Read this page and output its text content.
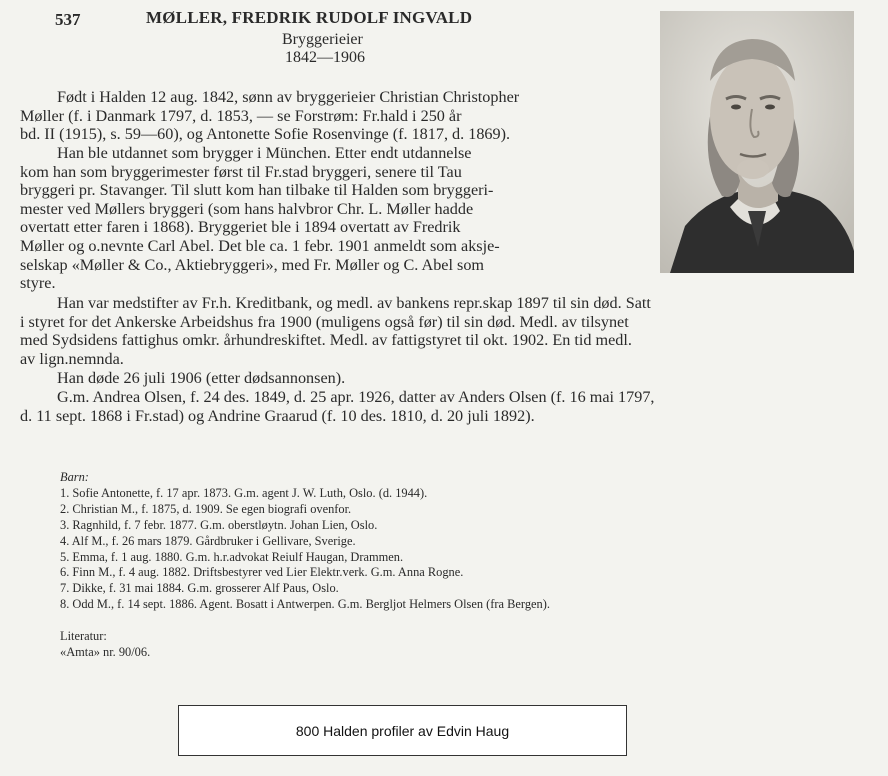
537	MØLLER, FREDRIK RUDOLF INGVALD
Bryggerieier
1842—1906

Født i Halden 12 aug. 1842, sønn av bryggerieier Christian Christopher

Møller (f. i Danmark 1797, d. 1853, — se Forstrøm: Fr.hald i 250 år

bd. II (1915), s. 59—60), og Antonette Sofie Rosenvinge (f. 1817, d. 1869).

Han ble utdannet som brygger i München. Etter endt utdannelse

kom han som bryggerimester først til Fr.stad bryggeri, senere til Tau

bryggeri pr. Stavanger. Til slutt kom han tilbake til Halden som bryggeri-

mester ved Møllers bryggeri (som hans halvbror Chr. L. Møller hadde

overtatt etter faren i 1868). Bryggeriet ble i 1894 overtatt av Fredrik

Møller og o.nevnte Carl Abel. Det ble ca. 1 febr. 1901 anmeldt som aksje-

selskap «Møller & Co., Aktiebryggeri», med Fr. Møller og C. Abel som

styre.

Han var medstifter av Fr.h. Kreditbank, og medl. av bankens repr.skap 1897 til sin død. Satt

i styret for det Ankerske Arbeidshus fra 1900 (muligens også før) til sin død. Medl. av tilsynet

med Sydsidens fattighus omkr. århundreskiftet. Medl. av fattigstyret til okt. 1902. En tid medl.

av lign.nemnda.

Han døde 26 juli 1906 (etter dødsannonsen).

G.m. Andrea Olsen, f. 24 des. 1849, d. 25 apr. 1926, datter av Anders Olsen (f. 16 mai 1797,

d. 11 sept. 1868 i Fr.stad) og Andrine Graarud (f. 10 des. 1810, d. 20 juli 1892).

Barn:
1. Sofie Antonette, f. 17 apr. 1873. G.m. agent J. W. Luth, Oslo. (d. 1944).
2. Christian M., f. 1875, d. 1909. Se egen biografi ovenfor.
3. Ragnhild, f. 7 febr. 1877. G.m. oberstløytn. Johan Lien, Oslo.
4. Alf M., f. 26 mars 1879. Gårdbruker i Gellivare, Sverige.
5. Emma, f. 1 aug. 1880. G.m. h.r.advokat Reiulf Haugan, Drammen.
6. Finn M., f. 4 aug. 1882. Driftsbestyrer ved Lier Elektr.verk. G.m. Anna Rogne.
7. Dikke, f. 31 mai 1884. G.m. grosserer Alf Paus, Oslo.
8. Odd M., f. 14 sept. 1886. Agent. Bosatt i Antwerpen. G.m. Bergljot Helmers Olsen (fra Bergen).
Literatur:
«Amta» nr. 90/06.
800 Halden profiler av Edvin Haug
